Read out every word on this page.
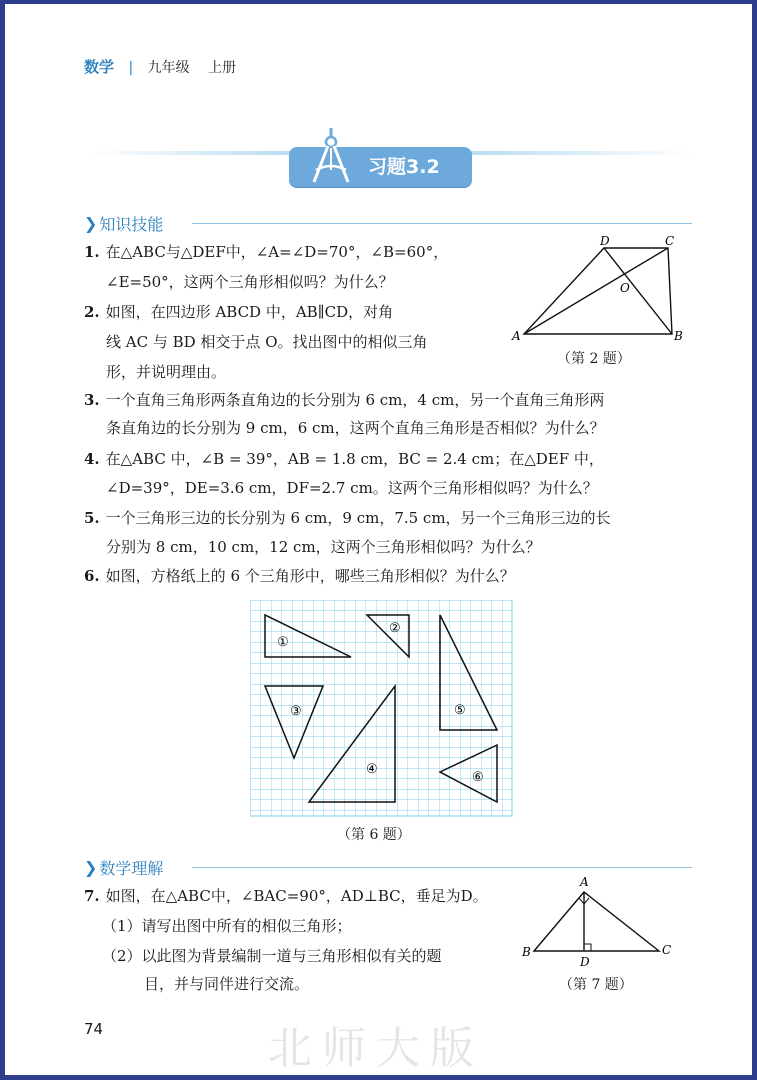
数学 | 九年级 上册
习题3.2
❯ 知识技能
1. 在△ABC与△DEF中，∠A=∠D=70°，∠B=60°，
∠E=50°，这两个三角形相似吗？为什么？
2. 如图，在四边形 ABCD 中，AB∥CD，对角
线 AC 与 BD 相交于点 O。找出图中的相似三角
形，并说明理由。
A	B
C
D
O
（第 2 题）
3. 一个直角三角形两条直角边的长分别为 6 cm，4 cm，另一个直角三角形两
条直角边的长分别为 9 cm，6 cm，这两个直角三角形是否相似？为什么？
4. 在△ABC 中，∠B = 39°，AB = 1.8 cm，BC = 2.4 cm；在△DEF 中，
∠D=39°，DE=3.6 cm，DF=2.7 cm。这两个三角形相似吗？为什么？
5. 一个三角形三边的长分别为 6 cm，9 cm，7.5 cm，另一个三角形三边的长
分别为 8 cm，10 cm，12 cm，这两个三角形相似吗？为什么？
6. 如图，方格纸上的 6 个三角形中，哪些三角形相似？为什么？
①
②
③
④
⑤
⑥
（第 6 题）
❯ 数学理解
7. 如图，在△ABC中，∠BAC=90°，AD⊥BC，垂足为D。
（1）请写出图中所有的相似三角形；
（2）以此图为背景编制一道与三角形相似有关的题
目，并与同伴进行交流。
A
B	C
D
（第 7 题）
74	北师大版
